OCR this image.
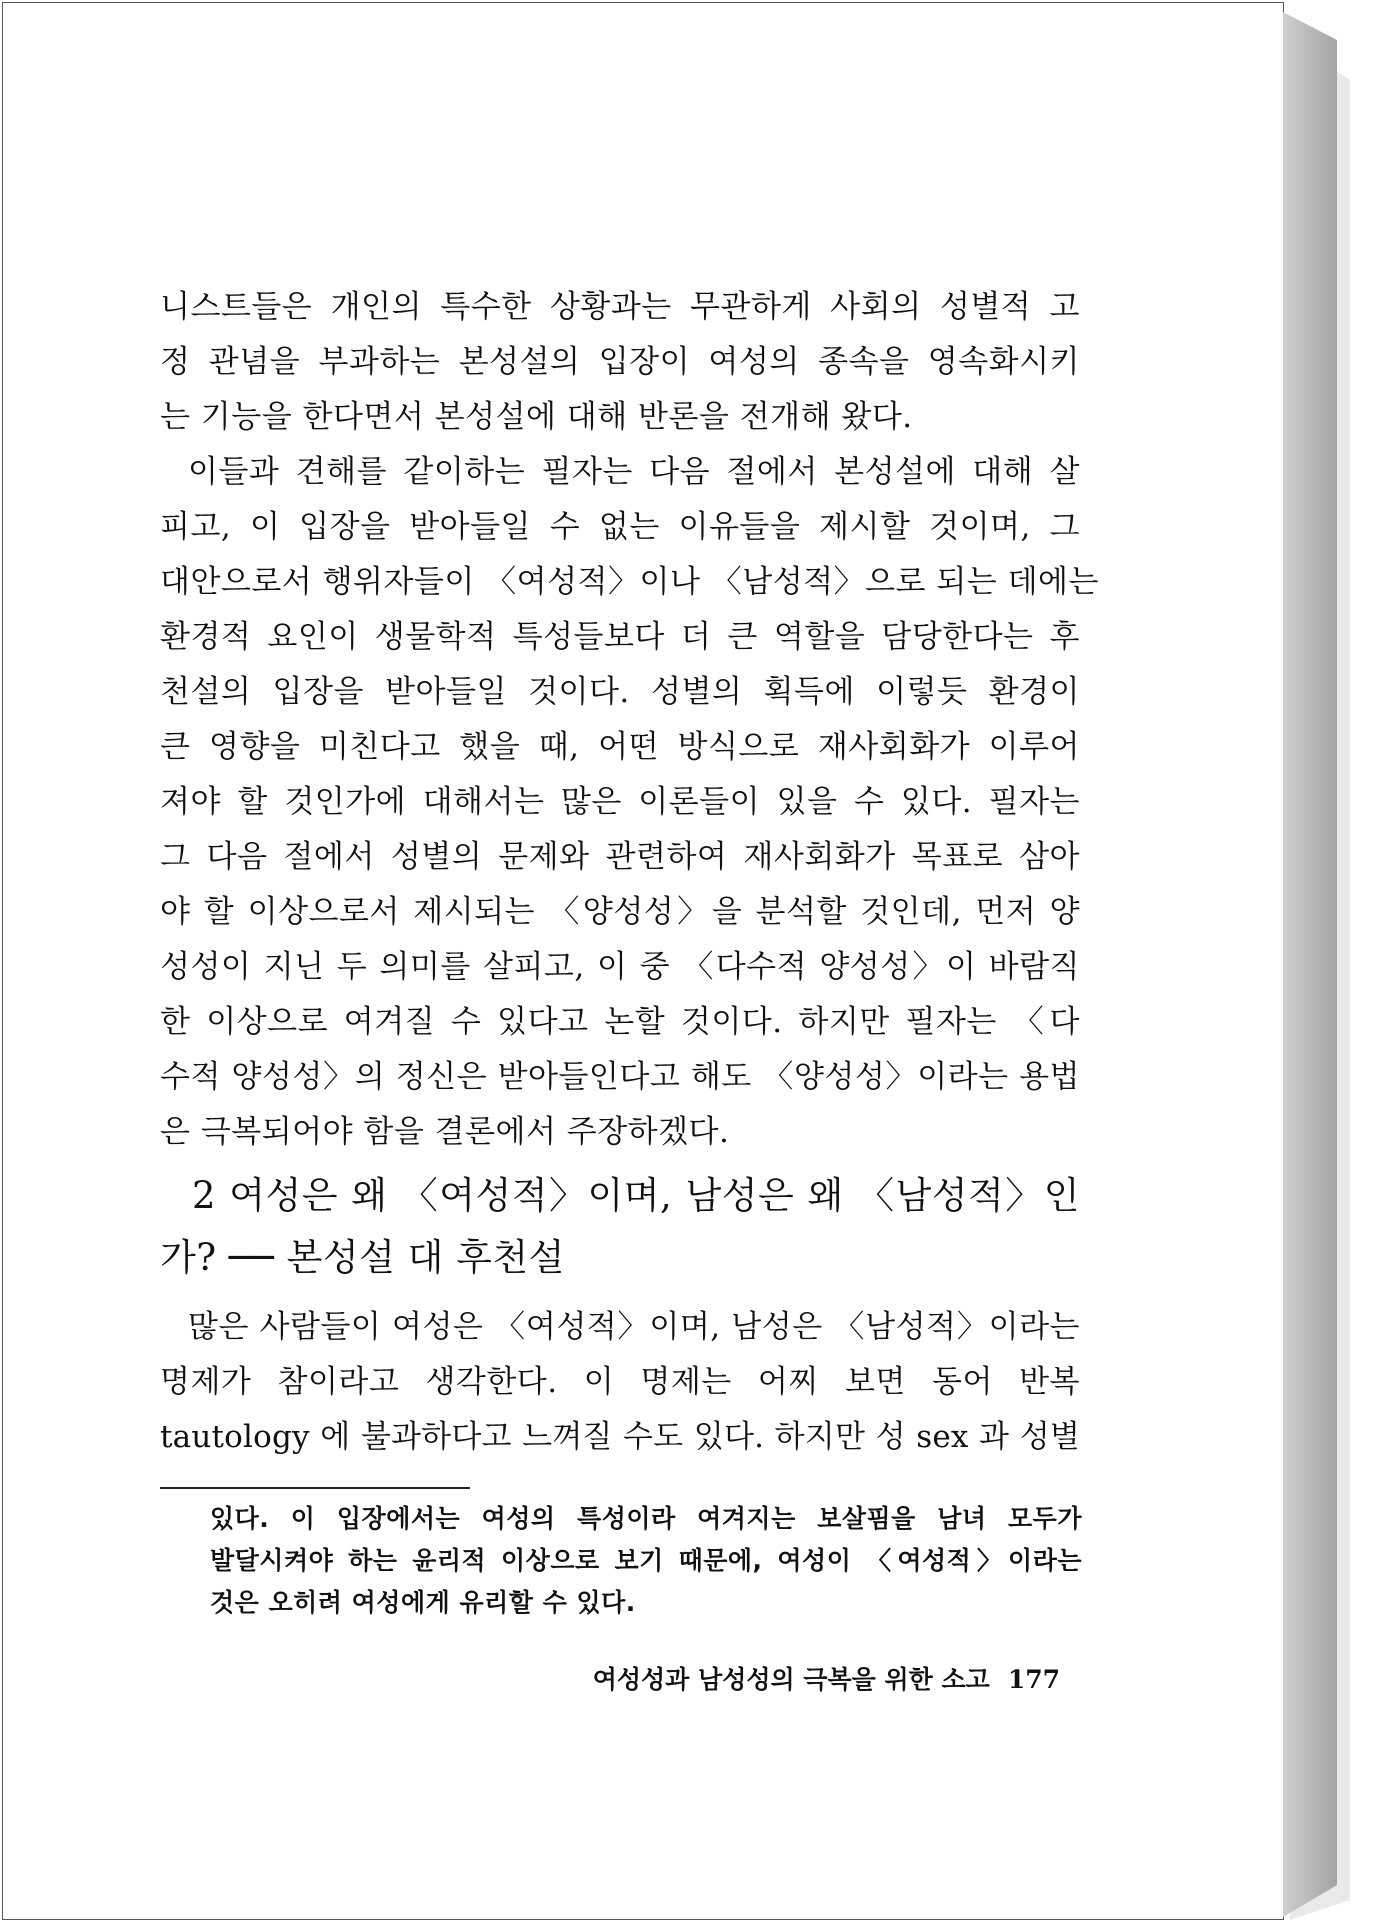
니스트들은 개인의 특수한 상황과는 무관하게 사회의 성별적 고
정 관념을 부과하는 본성설의 입장이 여성의 종속을 영속화시키
는 기능을 한다면서 본성설에 대해 반론을 전개해 왔다.
이들과 견해를 같이하는 필자는 다음 절에서 본성설에 대해 살
피고, 이 입장을 받아들일 수 없는 이유들을 제시할 것이며, 그
대안으로서 행위자들이 〈여성적〉이나 〈남성적〉으로 되는 데에는
환경적 요인이 생물학적 특성들보다 더 큰 역할을 담당한다는 후
천설의 입장을 받아들일 것이다. 성별의 획득에 이렇듯 환경이
큰 영향을 미친다고 했을 때, 어떤 방식으로 재사회화가 이루어
져야 할 것인가에 대해서는 많은 이론들이 있을 수 있다. 필자는
그 다음 절에서 성별의 문제와 관련하여 재사회화가 목표로 삼아
야 할 이상으로서 제시되는 〈양성성〉을 분석할 것인데, 먼저 양
성성이 지닌 두 의미를 살피고, 이 중 〈다수적 양성성〉이 바람직
한 이상으로 여겨질 수 있다고 논할 것이다. 하지만 필자는 〈다
수적 양성성〉의 정신은 받아들인다고 해도 〈양성성〉이라는 용법
은 극복되어야 함을 결론에서 주장하겠다.
2 여성은 왜 〈여성적〉이며, 남성은 왜 〈남성적〉인
가? ── 본성설 대 후천설
많은 사람들이 여성은 〈여성적〉이며, 남성은 〈남성적〉이라는
명제가 참이라고 생각한다. 이 명제는 어찌 보면 동어 반복
tautology 에 불과하다고 느껴질 수도 있다. 하지만 성 sex 과 성별
있다. 이 입장에서는 여성의 특성이라 여겨지는 보살핌을 남녀 모두가
발달시켜야 하는 윤리적 이상으로 보기 때문에, 여성이 〈여성적〉이라는
것은 오히려 여성에게 유리할 수 있다.
여성성과 남성성의 극복을 위한 소고 177
